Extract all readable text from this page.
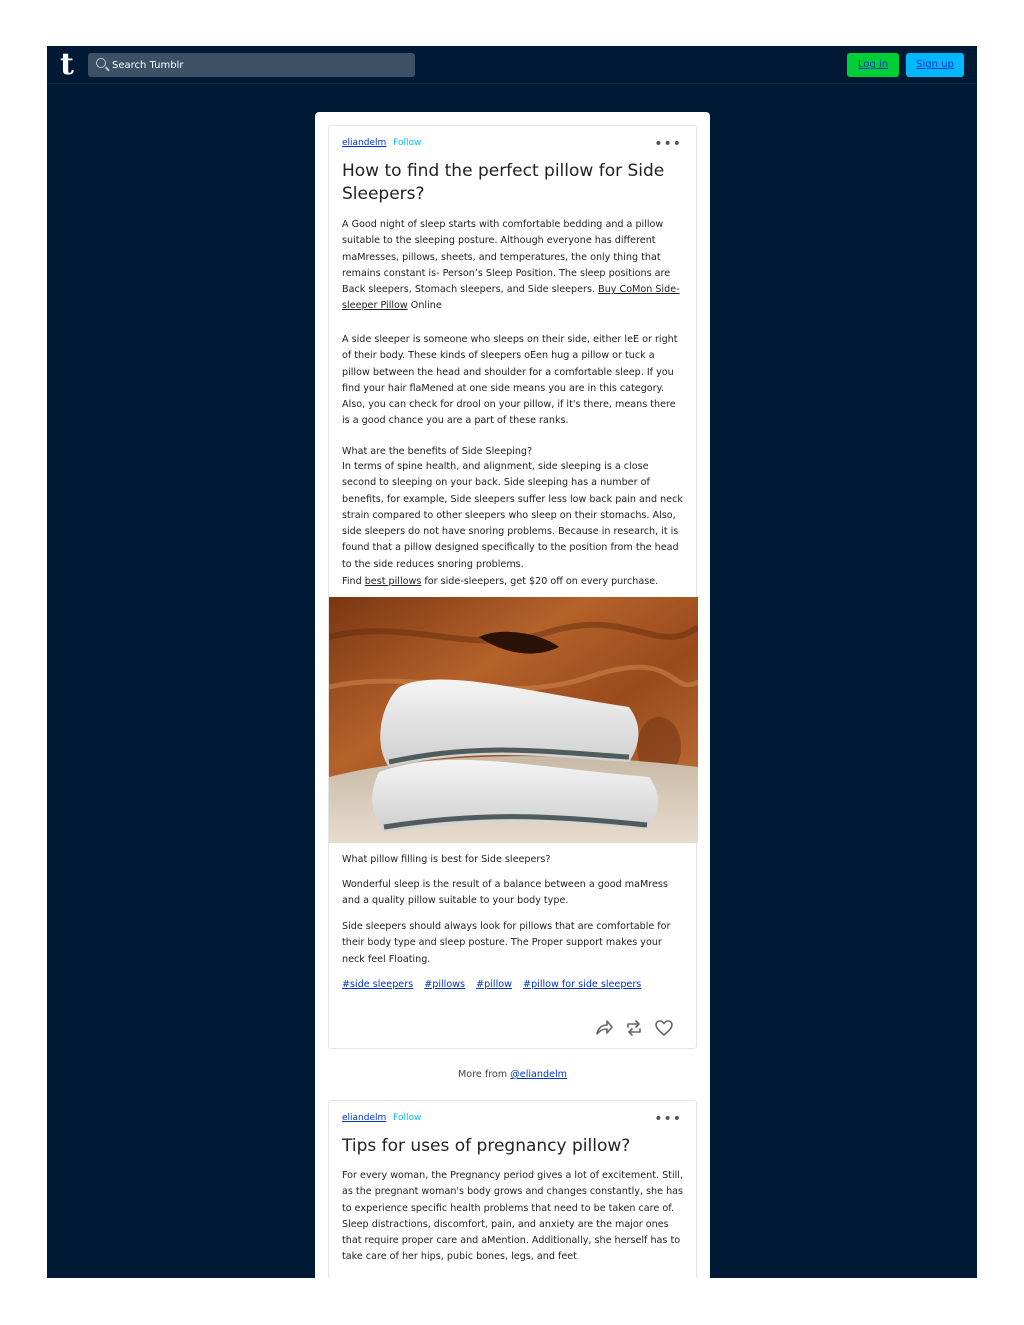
t
Search Tumblr	Log in	Sign up
eliandelm Follow	•••
How to find the perfect pillow for Side Sleepers?

A Good night of sleep starts with comfortable bedding and a pillow suitable to the sleeping posture. Although everyone has different maMresses, pillows, sheets, and temperatures, the only thing that remains constant is- Person’s Sleep Position. The sleep positions are Back sleepers, Stomach sleepers, and Side sleepers. Buy CoMon Side-sleeper Pillow Online

A side sleeper is someone who sleeps on their side, either leE or right of their body. These kinds of sleepers oEen hug a pillow or tuck a pillow between the head and shoulder for a comfortable sleep. If you find your hair flaMened at one side means you are in this category. Also, you can check for drool on your pillow, if it's there, means there is a good chance you are a part of these ranks.

What are the benefits of Side Sleeping?

In terms of spine health, and alignment, side sleeping is a close second to sleeping on your back. Side sleeping has a number of benefits, for example, Side sleepers suffer less low back pain and neck strain compared to other sleepers who sleep on their stomachs. Also, side sleepers do not have snoring problems. Because in research, it is found that a pillow designed specifically to the position from the head to the side reduces snoring problems.

Find best pillows for side-sleepers, get $20 off on every purchase.

What pillow filling is best for Side sleepers?

Wonderful sleep is the result of a balance between a good maMress and a quality pillow suitable to your body type.

Side sleepers should always look for pillows that are comfortable for their body type and sleep posture. The Proper support makes your neck feel Floating.

#side sleepers #pillows #pillow #pillow for side sleepers
More from @eliandelm
eliandelm Follow	•••
Tips for uses of pregnancy pillow?

For every woman, the Pregnancy period gives a lot of excitement. Still, as the pregnant woman's body grows and changes constantly, she has to experience specific health problems that need to be taken care of. Sleep distractions, discomfort, pain, and anxiety are the major ones that require proper care and aMention. Additionally, she herself has to take care of her hips, pubic bones, legs, and feet
